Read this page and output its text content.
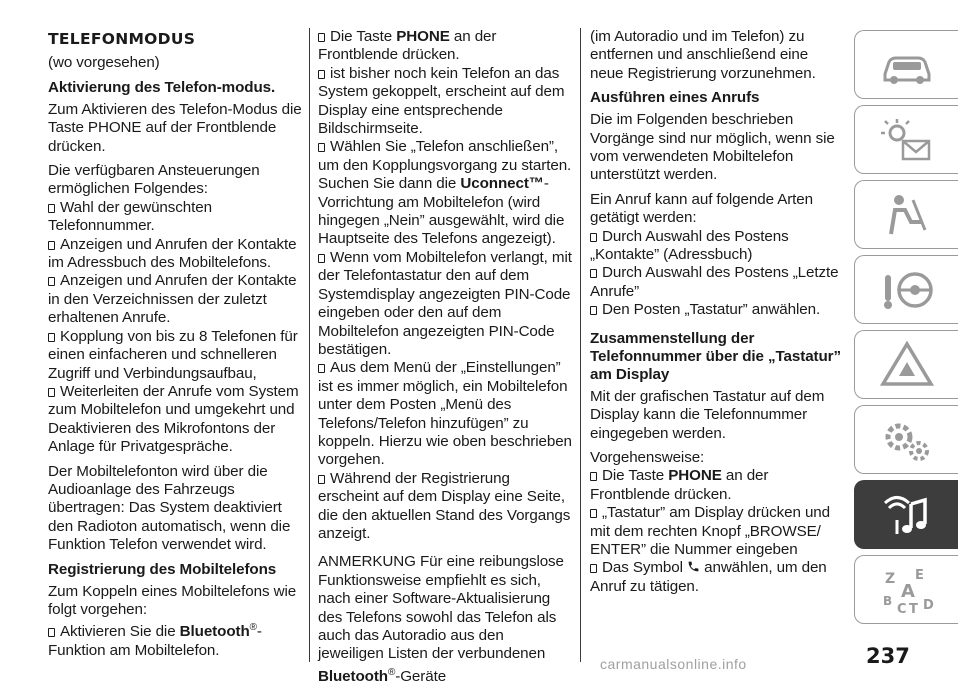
TELEFONMODUS

(wo vorgesehen)

Aktivierung des Telefon-modus.

Zum Aktivieren des Telefon-Modus die Taste PHONE auf der Frontblende drücken.

Die verfügbaren Ansteuerungen ermöglichen Folgendes:

Wahl der gewünschten Telefonnummer.
Anzeigen und Anrufen der Kontakte im Adressbuch des Mobiltelefons.
Anzeigen und Anrufen der Kontakte in den Verzeichnissen der zuletzt erhaltenen Anrufe.
Kopplung von bis zu 8 Telefonen für einen einfacheren und schnelleren Zugriff und Verbindungsaufbau,
Weiterleiten der Anrufe vom System zum Mobiltelefon und umgekehrt und Deaktivieren des Mikrofontons der Anlage für Privatgespräche.

Der Mobiltelefonton wird über die Audioanlage des Fahrzeugs übertragen: Das System deaktiviert den Radioton automatisch, wenn die Funktion Telefon verwendet wird.

Registrierung des Mobiltelefons

Zum Koppeln eines Mobiltelefons wie folgt vorgehen:

Aktivieren Sie die Bluetooth®-Funktion am Mobiltelefon.
Die Taste PHONE an der Frontblende drücken.
ist bisher noch kein Telefon an das System gekoppelt, erscheint auf dem Display eine entsprechende Bildschirmseite.
Wählen Sie „Telefon anschließen”, um den Kopplungsvorgang zu starten. Suchen Sie dann die Uconnect™-Vorrichtung am Mobiltelefon (wird hingegen „Nein” ausgewählt, wird die Hauptseite des Telefons angezeigt).
Wenn vom Mobiltelefon verlangt, mit der Telefontastatur den auf dem Systemdisplay angezeigten PIN-Code eingeben oder den auf dem Mobiltelefon angezeigten PIN-Code bestätigen.
Aus dem Menü der „Einstellungen” ist es immer möglich, ein Mobiltelefon unter dem Posten „Menü des Telefons/Telefon hinzufügen” zu koppeln. Hierzu wie oben beschrieben vorgehen.
Während der Registrierung erscheint auf dem Display eine Seite, die den aktuellen Stand des Vorgangs anzeigt.

ANMERKUNG Für eine reibungslose Funktionsweise empfiehlt es sich, nach einer Software-Aktualisierung des Telefons sowohl das Telefon als auch das Autoradio aus den jeweiligen Listen der verbundenen Bluetooth®-Geräte

(im Autoradio und im Telefon) zu entfernen und anschließend eine neue Registrierung vorzunehmen.

Ausführen eines Anrufs

Die im Folgenden beschrieben Vorgänge sind nur möglich, wenn sie vom verwendeten Mobiltelefon unterstützt werden.

Ein Anruf kann auf folgende Arten getätigt werden:

Durch Auswahl des Postens „Kontakte” (Adressbuch)
Durch Auswahl des Postens „Letzte Anrufe”
Den Posten „Tastatur” anwählen.
Zusammenstellung der Telefonnummer über die „Tastatur” am Display

Mit der grafischen Tastatur auf dem Display kann die Telefonnummer eingegeben werden.

Vorgehensweise:

Die Taste PHONE an der Frontblende drücken.
„Tastatur” am Display drücken und mit dem rechten Knopf „BROWSE/ ENTER” die Nummer eingeben
Das Symbol  anwählen, um den Anruf zu tätigen.	Z E
B A
C T D
237
carmanualsonline.info
